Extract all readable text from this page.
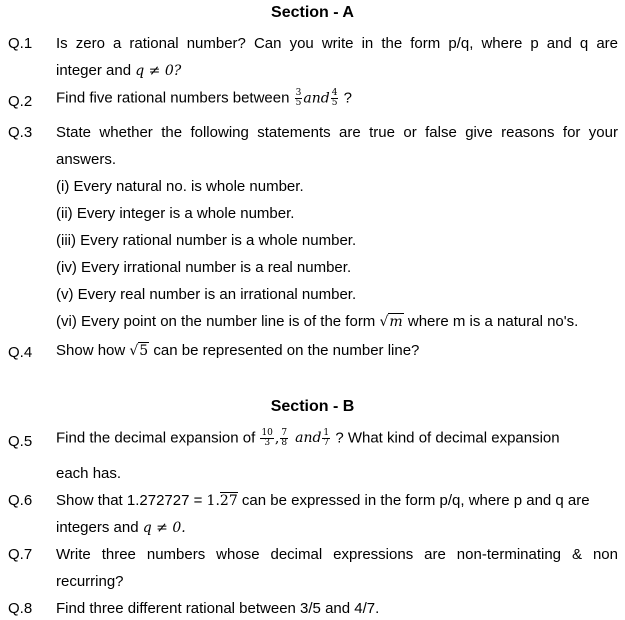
Section - A
Q.1 Is zero a rational number? Can you write in the form p/q, where p and q are
integer and q ≠ 0?
Q.2 Find five rational numbers between $\frac{3}{5}$ and $\frac{4}{5}$ ?
Q.3 State whether the following statements are true or false give reasons for your
answers.
(i) Every natural no. is whole number.
(ii) Every integer is a whole number.
(iii) Every rational number is a whole number.
(iv) Every irrational number is a real number.
(v) Every real number is an irrational number.
(vi) Every point on the number line is of the form √m where m is a natural no's.
Q.4 Show how √5 can be represented on the number line?
Section - B
Q.5 Find the decimal expansion of $\frac{10}{3}$ , $\frac{7}{8}$ and $\frac{1}{7}$ ? What kind of decimal expansion
each has.
Q.6 Show that 1.272727 = 1.27 can be expressed in the form p/q, where p and q are
integers and q ≠ 0.
Q.7 Write three numbers whose decimal expressions are non-terminating & non
recurring?
Q.8 Find three different rational between 3/5 and 4/7.
